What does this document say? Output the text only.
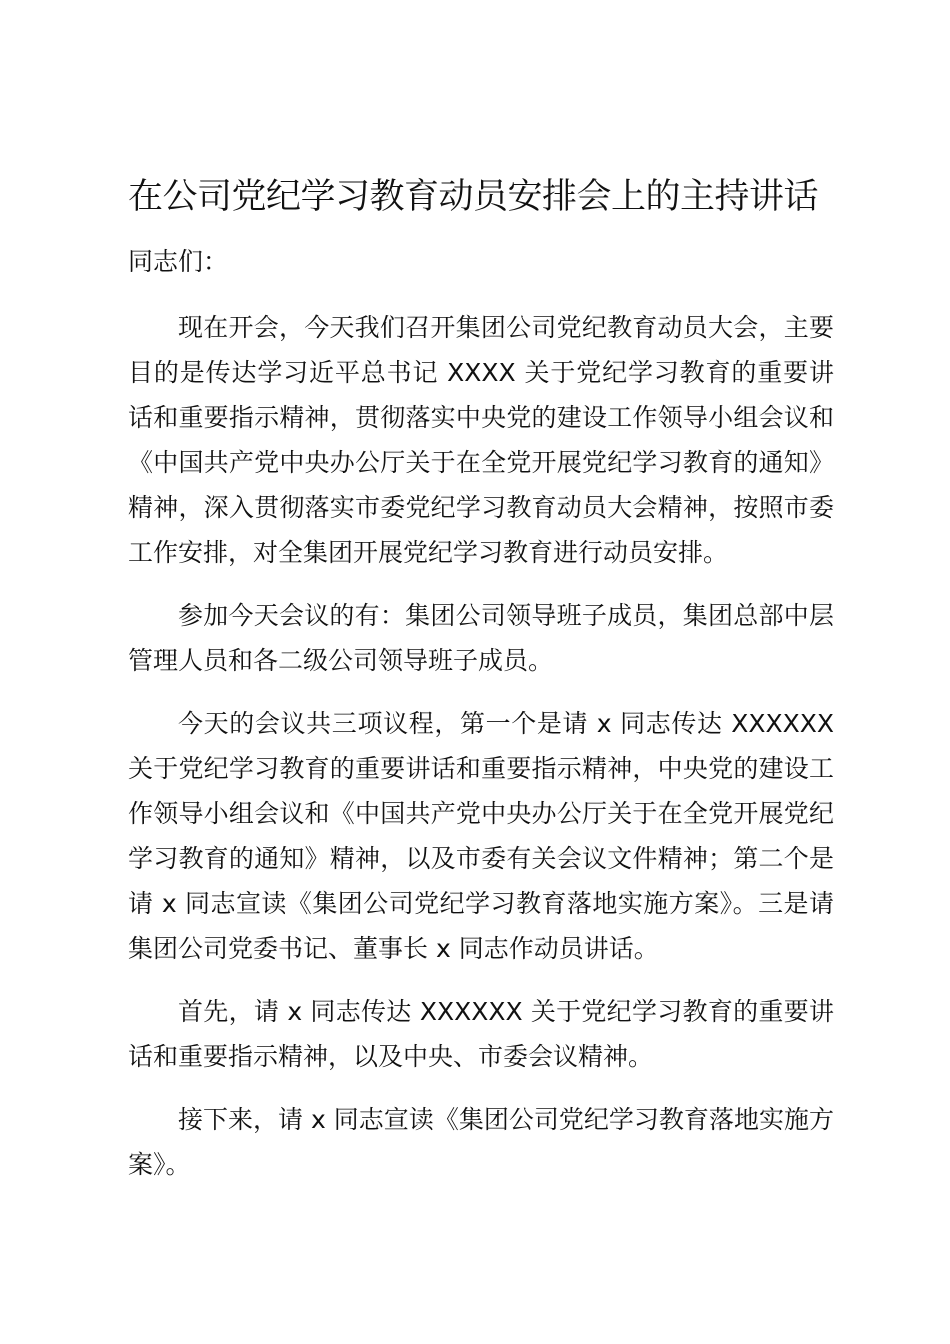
在公司党纪学习教育动员安排会上的主持讲话

同志们：

现在开会，今天我们召开集团公司党纪教育动员大会，主要目的是传达学习近平总书记 XXXX 关于党纪学习教育的重要讲话和重要指示精神，贯彻落实中央党的建设工作领导小组会议和《中国共产党中央办公厅关于在全党开展党纪学习教育的通知》精神，深入贯彻落实市委党纪学习教育动员大会精神，按照市委工作安排，对全集团开展党纪学习教育进行动员安排。

参加今天会议的有：集团公司领导班子成员，集团总部中层管理人员和各二级公司领导班子成员。

今天的会议共三项议程，第一个是请 x 同志传达 XXXXXX 关于党纪学习教育的重要讲话和重要指示精神，中央党的建设工作领导小组会议和《中国共产党中央办公厅关于在全党开展党纪学习教育的通知》精神，以及市委有关会议文件精神；第二个是请 x 同志宣读《集团公司党纪学习教育落地实施方案》。三是请集团公司党委书记、董事长 x 同志作动员讲话。

首先，请 x 同志传达 XXXXXX 关于党纪学习教育的重要讲话和重要指示精神，以及中央、市委会议精神。

接下来，请 x 同志宣读《集团公司党纪学习教育落地实施方案》。
